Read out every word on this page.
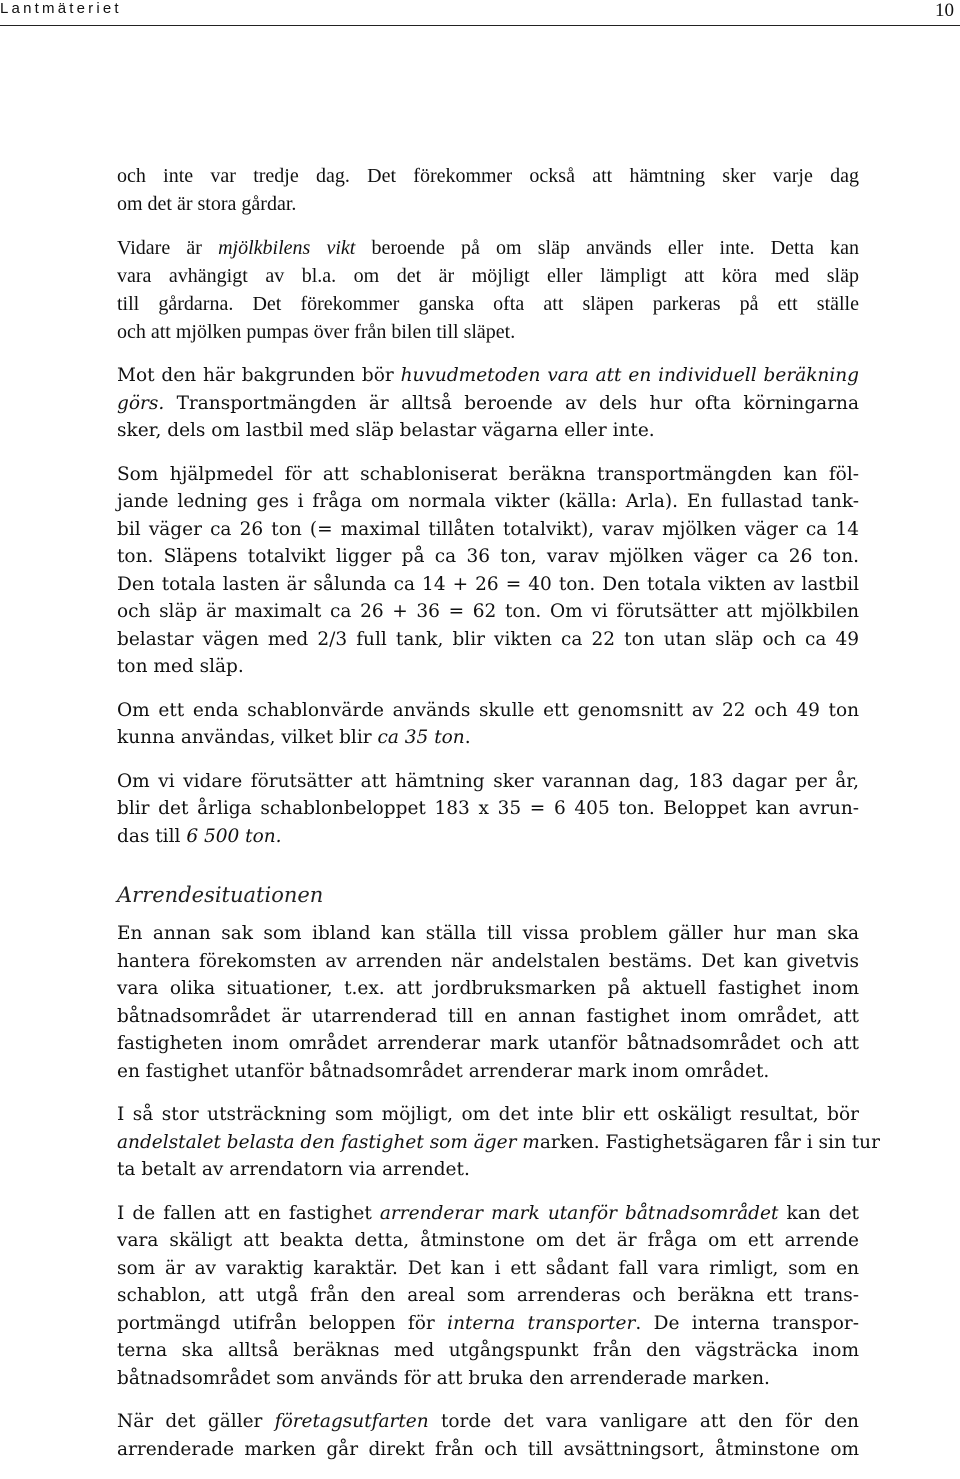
Lantmäteriet	10

och inte var tredje dag. Det förekommer också att hämtning sker varje dag
om det är stora gårdar.

Vidare är mjölkbilens vikt beroende på om släp används eller inte. Detta kan
vara avhängigt av bl.a. om det är möjligt eller lämpligt att köra med släp
till gårdarna. Det förekommer ganska ofta att släpen parkeras på ett ställe
och att mjölken pumpas över från bilen till släpet.

Mot den här bakgrunden bör huvudmetoden vara att en individuell beräkning
görs. Transportmängden är alltså beroende av dels hur ofta körningarna
sker, dels om lastbil med släp belastar vägarna eller inte.

Som hjälpmedel för att schabloniserat beräkna transportmängden kan föl-
jande ledning ges i fråga om normala vikter (källa: Arla). En fullastad tank-
bil väger ca 26 ton (= maximal tillåten totalvikt), varav mjölken väger ca 14
ton. Släpens totalvikt ligger på ca 36 ton, varav mjölken väger ca 26 ton.
Den totala lasten är sålunda ca 14 + 26 = 40 ton. Den totala vikten av lastbil
och släp är maximalt ca 26 + 36 = 62 ton. Om vi förutsätter att mjölkbilen
belastar vägen med 2/3 full tank, blir vikten ca 22 ton utan släp och ca 49
ton med släp.

Om ett enda schablonvärde används skulle ett genomsnitt av 22 och 49 ton
kunna användas, vilket blir ca 35 ton.

Om vi vidare förutsätter att hämtning sker varannan dag, 183 dagar per år,
blir det årliga schablonbeloppet 183 x 35 = 6 405 ton. Beloppet kan avrun-
das till 6 500 ton.

Arrendesituationen

En annan sak som ibland kan ställa till vissa problem gäller hur man ska
hantera förekomsten av arrenden när andelstalen bestäms. Det kan givetvis
vara olika situationer, t.ex. att jordbruksmarken på aktuell fastighet inom
båtnadsområdet är utarrenderad till en annan fastighet inom området, att
fastigheten inom området arrenderar mark utanför båtnadsområdet och att
en fastighet utanför båtnadsområdet arrenderar mark inom området.

I så stor utsträckning som möjligt, om det inte blir ett oskäligt resultat, bör
andelstalet belasta den fastighet som äger marken. Fastighetsägaren får i sin tur
ta betalt av arrendatorn via arrendet.

I de fallen att en fastighet arrenderar mark utanför båtnadsområdet kan det
vara skäligt att beakta detta, åtminstone om det är fråga om ett arrende
som är av varaktig karaktär. Det kan i ett sådant fall vara rimligt, som en
schablon, att utgå från den areal som arrenderas och beräkna ett trans-
portmängd utifrån beloppen för interna transporter. De interna transpor-
terna ska alltså beräknas med utgångspunkt från den vägsträcka inom
båtnadsområdet som används för att bruka den arrenderade marken.

När det gäller företagsutfarten torde det vara vanligare att den för den
arrenderade marken går direkt från och till avsättningsort, åtminstone om
